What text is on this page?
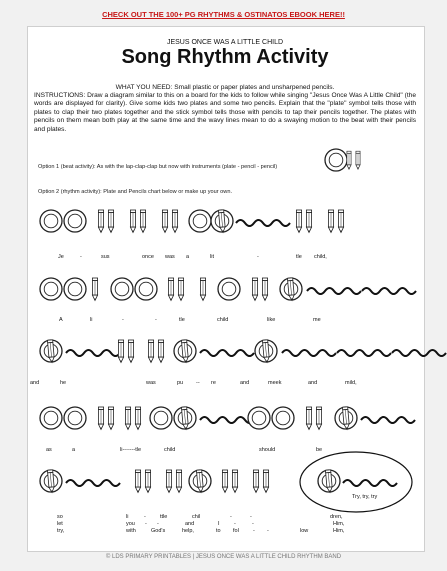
CHECK OUT THE 100+ PG RHYTHMS & OSTINATOS EBOOK HERE!!
JESUS ONCE WAS A LITTLE CHILD
Song Rhythm Activity
WHAT YOU NEED: Small plastic or paper plates and unsharpened pencils.
INSTRUCTIONS: Draw a diagram similar to this on a board for the kids to follow while singing "Jesus Once Was A Little Child" (the words are displayed for clarity). Give some kids two plates and some two pencils. Explain that the "plate" symbol tells those with plates to clap their two plates together and the stick symbol tells those with pencils to tap their pencils together. The plates with pencils on them mean both play at the same time and the wavy lines mean to do a swaying motion to the beat with their pencils and plates.
Option 1 (beat activity): As with the lap-clap-clap but now with instruments (plate - pencil - pencil)
Option 2 (rhythm activity): Plate and Pencils chart below or make up your own.
Je	-	sus	once was a	lit	-	tle child,
A	li	-	-	tle	child	like	me
and	he	was	pu -- re	and	meek	and	mild,
as	a	li-------tle	child	should	be
Try, try, try
so	li	-	ttle	chil	-	-	dren,
let	you - -	and	I	-	-	Him,
try,	with	God's	help,	to fol	- -	low	Him,
© LDS PRIMARY PRINTABLES | JESUS ONCE WAS A LITTLE CHILD RHYTHM BAND
